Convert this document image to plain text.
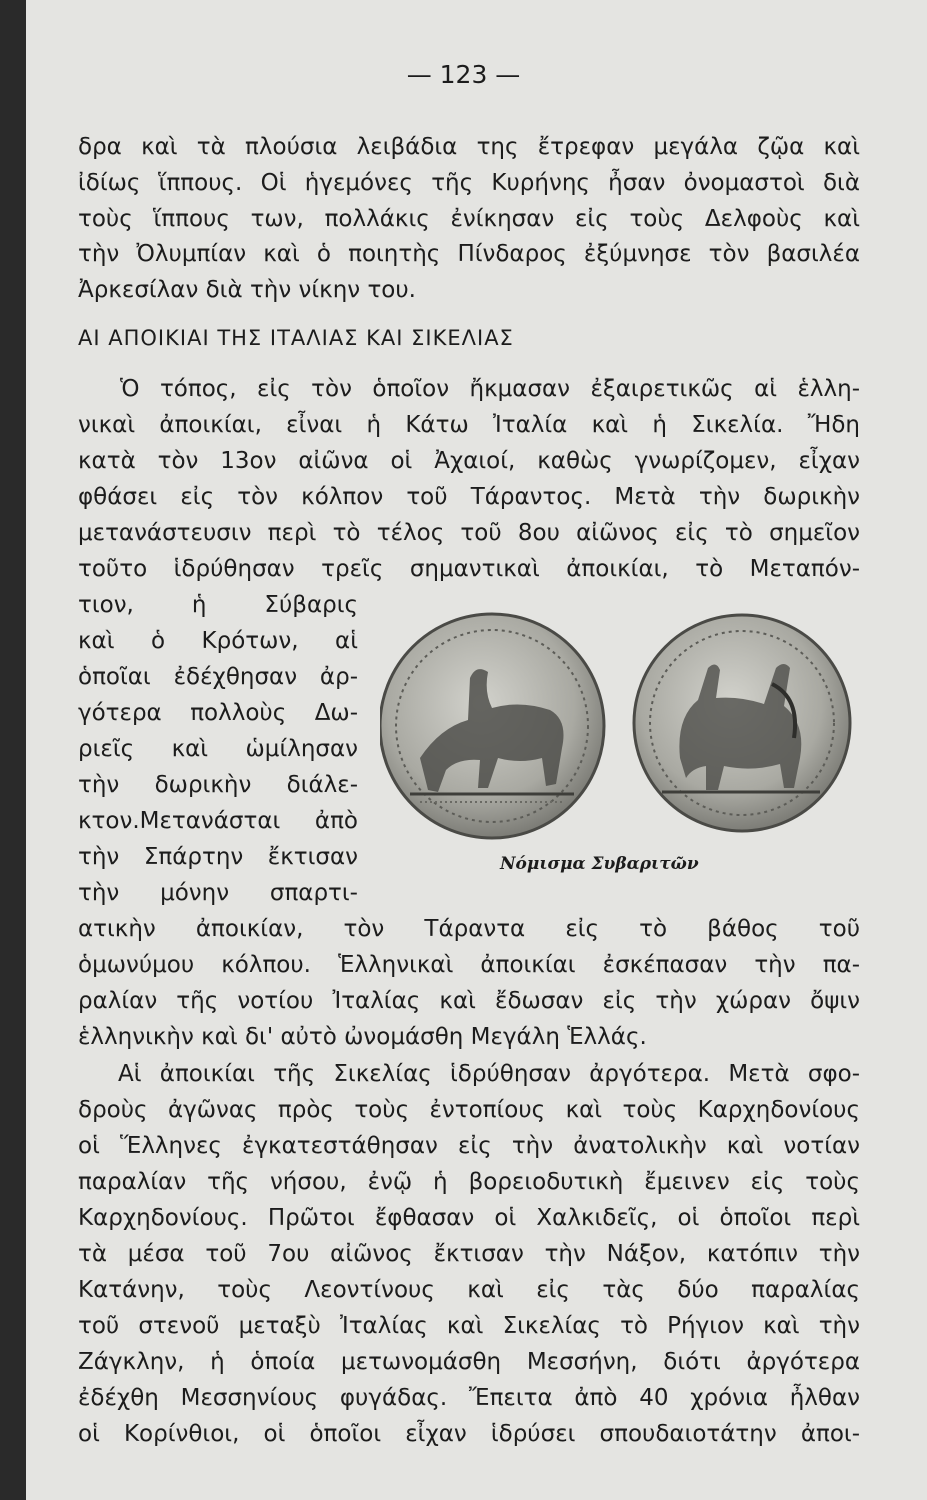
— 123 —
δρα καὶ τὰ πλούσια λειβάδια της ἔτρεφαν μεγάλα ζῷα καὶ
ἰδίως ἵππους. Οἱ ἡγεμόνες τῆς Κυρήνης ἦσαν ὀνομαστοὶ διὰ
τοὺς ἵππους των, πολλάκις ἐνίκησαν εἰς τοὺς Δελφοὺς καὶ
τὴν Ὀλυμπίαν καὶ ὁ ποιητὴς Πίνδαρος ἐξύμνησε τὸν βασιλέα
Ἀρκεσίλαν διὰ τὴν νίκην του.
ΑΙ ΑΠΟΙΚΙΑΙ ΤΗΣ ΙΤΑΛΙΑΣ ΚΑΙ ΣΙΚΕΛΙΑΣ
Ὁ τόπος, εἰς τὸν ὁποῖον ἤκμασαν ἐξαιρετικῶς αἱ ἑλλη-
νικαὶ ἀποικίαι, εἶναι ἡ Κάτω Ἰταλία καὶ ἡ Σικελία. Ἤδη
κατὰ τὸν 13ον αἰῶνα οἱ Ἀχαιοί, καθὼς γνωρίζομεν, εἶχαν
φθάσει εἰς τὸν κόλπον τοῦ Τάραντος. Μετὰ τὴν δωρικὴν
μετανάστευσιν περὶ τὸ τέλος τοῦ 8ου αἰῶνος εἰς τὸ σημεῖον
τοῦτο ἱδρύθησαν τρεῖς σημαντικαὶ ἀποικίαι, τὸ Μεταπόν-
τιον, ἡ Σύβαρις
καὶ ὁ Κρότων, αἱ
ὁποῖαι ἐδέχθησαν ἀρ-
γότερα πολλοὺς Δω-
ριεῖς καὶ ὡμίλησαν
τὴν δωρικὴν διάλε-
κτον.Μετανάσται ἀπὸ
τὴν Σπάρτην ἔκτισαν
τὴν μόνην σπαρτι-
Νόμισμα Συβαριτῶν
ατικὴν ἀποικίαν, τὸν Τάραντα εἰς τὸ βάθος τοῦ
ὁμωνύμου κόλπου. Ἑλληνικαὶ ἀποικίαι ἐσκέπασαν τὴν πα-
ραλίαν τῆς νοτίου Ἰταλίας καὶ ἔδωσαν εἰς τὴν χώραν ὄψιν
ἑλληνικὴν καὶ δι' αὐτὸ ὠνομάσθη Μεγάλη Ἑλλάς.
Αἱ ἀποικίαι τῆς Σικελίας ἱδρύθησαν ἀργότερα. Μετὰ σφο-
δροὺς ἀγῶνας πρὸς τοὺς ἐντοπίους καὶ τοὺς Καρχηδονίους
οἱ Ἕλληνες ἐγκατεστάθησαν εἰς τὴν ἀνατολικὴν καὶ νοτίαν
παραλίαν τῆς νήσου, ἐνῷ ἡ βορειοδυτικὴ ἔμεινεν εἰς τοὺς
Καρχηδονίους. Πρῶτοι ἔφθασαν οἱ Χαλκιδεῖς, οἱ ὁποῖοι περὶ
τὰ μέσα τοῦ 7ου αἰῶνος ἔκτισαν τὴν Νάξον, κατόπιν τὴν
Κατάνην, τοὺς Λεοντίνους καὶ εἰς τὰς δύο παραλίας
τοῦ στενοῦ μεταξὺ Ἰταλίας καὶ Σικελίας τὸ Ρήγιον καὶ τὴν
Ζάγκλην, ἡ ὁποία μετωνομάσθη Μεσσήνη, διότι ἀργότερα
ἐδέχθη Μεσσηνίους φυγάδας. Ἔπειτα ἀπὸ 40 χρόνια ἦλθαν
οἱ Κορίνθιοι, οἱ ὁποῖοι εἶχαν ἱδρύσει σπουδαιοτάτην ἀποι-
